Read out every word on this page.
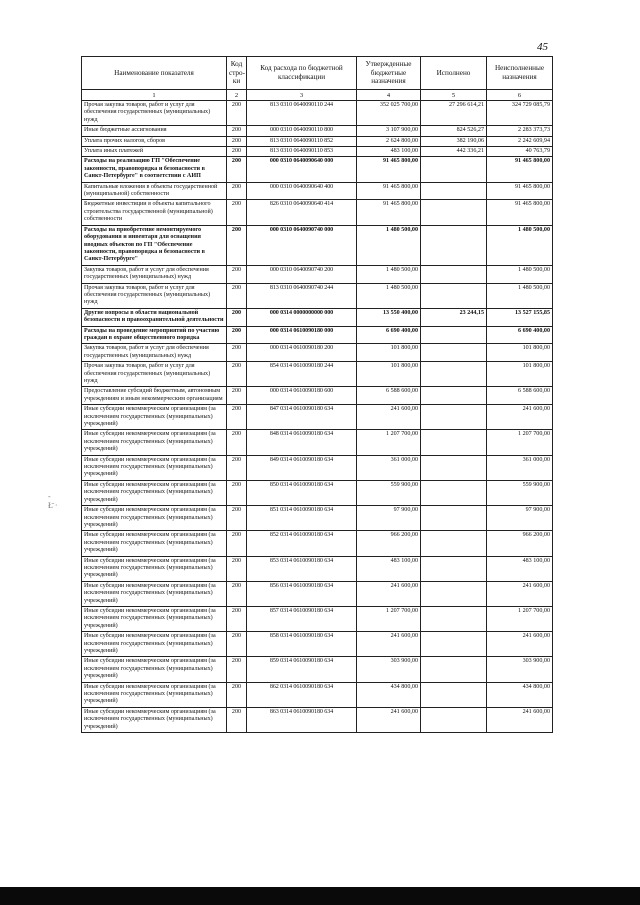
45
-
Ł̄ ·
Наименование показателя	Код стро-ки	Код расхода по бюджетной классификации	Утвержденные бюджетные назначения	Исполнено	Неисполненные назначения
1	2	3	4	5	6
Прочая закупка товаров, работ и услуг для обеспечения государственных (муниципальных) нужд	200	813 0310 0640090110 244	352 025 700,00	27 296 614,21	324 729 085,79
Иные бюджетные ассигнования	200	000 0310 0640090110 800	3 107 900,00	824 526,27	2 283 373,73
Уплата прочих налогов, сборов	200	813 0310 0640090110 852	2 624 800,00	382 190,06	2 242 609,94
Уплата иных платежей	200	813 0310 0640090110 853	483 100,00	442 336,21	40 763,79
Расходы на реализацию ГП "Обеспечение законности, правопорядка и безопасности в Санкт-Петербурге" в соответствии с АИП	200	000 0310 0640090640 000	91 465 800,00		91 465 800,00
Капитальные вложения в объекты государственной (муниципальной) собственности	200	000 0310 0640090640 400	91 465 800,00		91 465 800,00
Бюджетные инвестиции в объекты капитального строительства государственной (муниципальной) собственности	200	826 0310 0640090640 414	91 465 800,00		91 465 800,00
Расходы на приобретение немонтируемого оборудования и инвентаря для оснащения вводных объектов по ГП "Обеспечение законности, правопорядка и безопасности в Санкт-Петербурге"	200	000 0310 0640090740 000	1 480 500,00		1 480 500,00
Закупка товаров, работ и услуг для обеспечения государственных (муниципальных) нужд	200	000 0310 0640090740 200	1 480 500,00		1 480 500,00
Прочая закупка товаров, работ и услуг для обеспечения государственных (муниципальных) нужд	200	813 0310 0640090740 244	1 480 500,00		1 480 500,00
Другие вопросы в области национальной безопасности и правоохранительной деятельности	200	000 0314 0000000000 000	13 550 400,00	23 244,15	13 527 155,85
Расходы на проведение мероприятий по участию граждан в охране общественного порядка	200	000 0314 0610090180 000	6 690 400,00		6 690 400,00
Закупка товаров, работ и услуг для обеспечения государственных (муниципальных) нужд	200	000 0314 0610090180 200	101 800,00		101 800,00
Прочая закупка товаров, работ и услуг для обеспечения государственных (муниципальных) нужд	200	854 0314 0610090180 244	101 800,00		101 800,00
Предоставление субсидий бюджетным, автономным учреждениям и иным некоммерческим организациям	200	000 0314 0610090180 600	6 588 600,00		6 588 600,00
Иные субсидии некоммерческим организациям (за исключением государственных (муниципальных) учреждений)	200	847 0314 0610090180 634	241 600,00		241 600,00
Иные субсидии некоммерческим организациям (за исключением государственных (муниципальных) учреждений)	200	848 0314 0610090180 634	1 207 700,00		1 207 700,00
Иные субсидии некоммерческим организациям (за исключением государственных (муниципальных) учреждений)	200	849 0314 0610090180 634	361 000,00		361 000,00
Иные субсидии некоммерческим организациям (за исключением государственных (муниципальных) учреждений)	200	850 0314 0610090180 634	559 900,00		559 900,00
Иные субсидии некоммерческим организациям (за исключением государственных (муниципальных) учреждений)	200	851 0314 0610090180 634	97 900,00		97 900,00
Иные субсидии некоммерческим организациям (за исключением государственных (муниципальных) учреждений)	200	852 0314 0610090180 634	966 200,00		966 200,00
Иные субсидии некоммерческим организациям (за исключением государственных (муниципальных) учреждений)	200	853 0314 0610090180 634	483 100,00		483 100,00
Иные субсидии некоммерческим организациям (за исключением государственных (муниципальных) учреждений)	200	856 0314 0610090180 634	241 600,00		241 600,00
Иные субсидии некоммерческим организациям (за исключением государственных (муниципальных) учреждений)	200	857 0314 0610090180 634	1 207 700,00		1 207 700,00
Иные субсидии некоммерческим организациям (за исключением государственных (муниципальных) учреждений)	200	858 0314 0610090180 634	241 600,00		241 600,00
Иные субсидии некоммерческим организациям (за исключением государственных (муниципальных) учреждений)	200	859 0314 0610090180 634	303 900,00		303 900,00
Иные субсидии некоммерческим организациям (за исключением государственных (муниципальных) учреждений)	200	862 0314 0610090180 634	434 800,00		434 800,00
Иные субсидии некоммерческим организациям (за исключением государственных (муниципальных) учреждений)	200	863 0314 0610090180 634	241 600,00		241 600,00
